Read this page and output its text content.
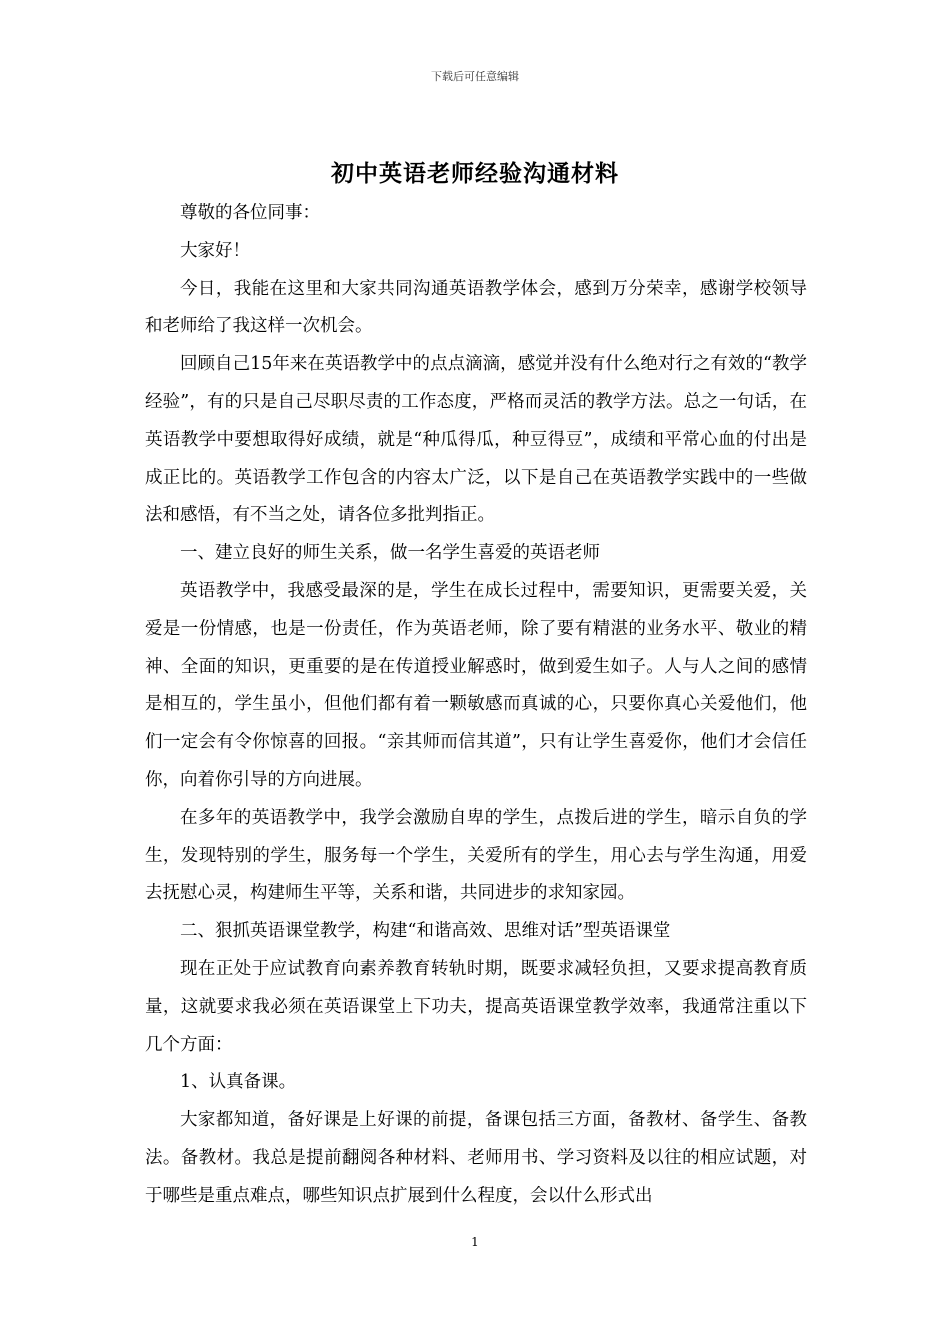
下载后可任意编辑
初中英语老师经验沟通材料

尊敬的各位同事：

大家好！

今日，我能在这里和大家共同沟通英语教学体会，感到万分荣幸，感谢学校领导和老师给了我这样一次机会。

回顾自己15年来在英语教学中的点点滴滴，感觉并没有什么绝对行之有效的“教学经验”，有的只是自己尽职尽责的工作态度，严格而灵活的教学方法。总之一句话，在英语教学中要想取得好成绩，就是“种瓜得瓜，种豆得豆”，成绩和平常心血的付出是成正比的。英语教学工作包含的内容太广泛，以下是自己在英语教学实践中的一些做法和感悟，有不当之处，请各位多批判指正。

一、建立良好的师生关系，做一名学生喜爱的英语老师

英语教学中，我感受最深的是，学生在成长过程中，需要知识，更需要关爱，关爱是一份情感，也是一份责任，作为英语老师，除了要有精湛的业务水平、敬业的精神、全面的知识，更重要的是在传道授业解惑时，做到爱生如子。人与人之间的感情是相互的，学生虽小，但他们都有着一颗敏感而真诚的心，只要你真心关爱他们，他们一定会有令你惊喜的回报。“亲其师而信其道”，只有让学生喜爱你，他们才会信任你，向着你引导的方向进展。

在多年的英语教学中，我学会激励自卑的学生，点拨后进的学生，暗示自负的学生，发现特别的学生，服务每一个学生，关爱所有的学生，用心去与学生沟通，用爱去抚慰心灵，构建师生平等，关系和谐，共同进步的求知家园。

二、狠抓英语课堂教学，构建“和谐高效、思维对话”型英语课堂

现在正处于应试教育向素养教育转轨时期，既要求减轻负担，又要求提高教育质量，这就要求我必须在英语课堂上下功夫，提高英语课堂教学效率，我通常注重以下几个方面：

1、认真备课。

大家都知道，备好课是上好课的前提，备课包括三方面，备教材、备学生、备教法。备教材。我总是提前翻阅各种材料、老师用书、学习资料及以往的相应试题，对于哪些是重点难点，哪些知识点扩展到什么程度，会以什么形式出

1
